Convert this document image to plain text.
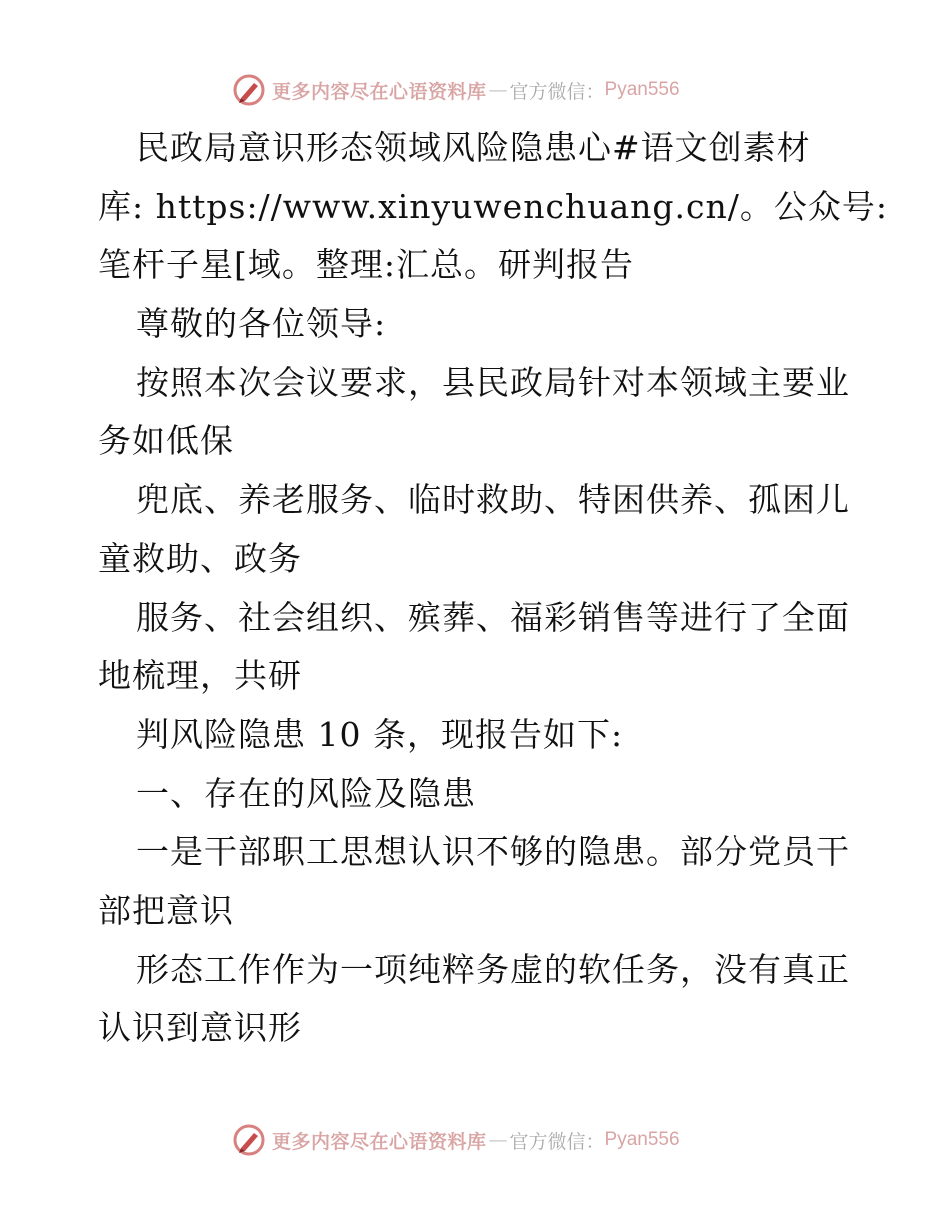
更多内容尽在心语资料库 — 官方微信： Pyan556
民政局意识形态领域风险隐患心#语文创素材
库: https://www.xinyuwenchuang.cn/。公众号:
笔杆子星[域。整理:汇总。研判报告
尊敬的各位领导:
按照本次会议要求，县民政局针对本领域主要业
务如低保
兜底、养老服务、临时救助、特困供养、孤困儿
童救助、政务
服务、社会组织、殡葬、福彩销售等进行了全面
地梳理，共研
判风险隐患 10 条，现报告如下:
一、存在的风险及隐患
一是干部职工思想认识不够的隐患。部分党员干
部把意识
形态工作作为一项纯粹务虚的软任务，没有真正
认识到意识形
更多内容尽在心语资料库 — 官方微信： Pyan556
